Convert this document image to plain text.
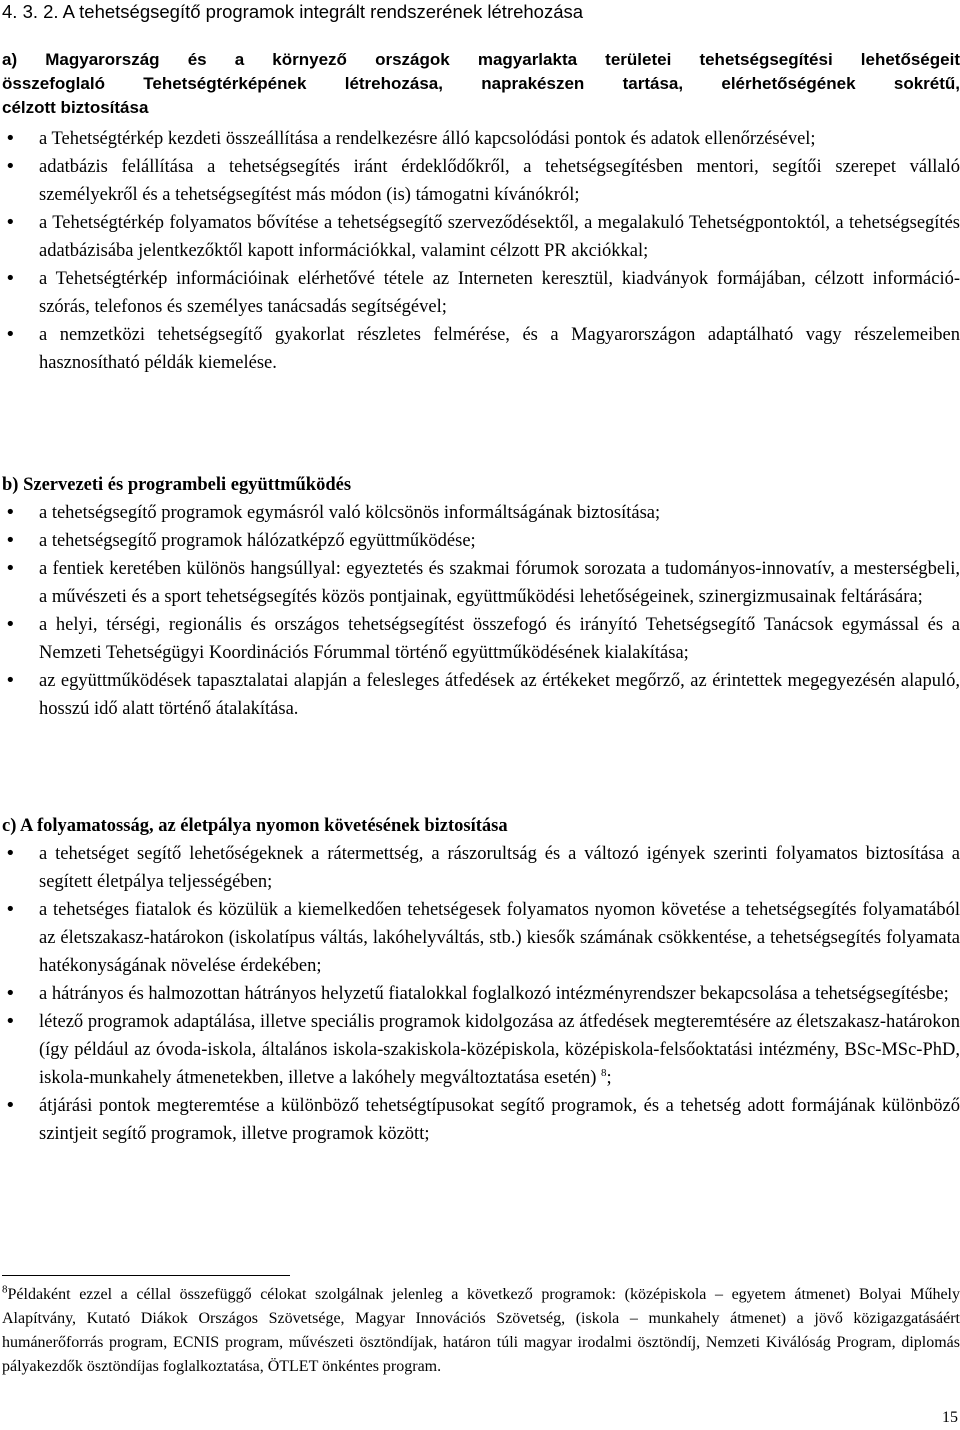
4. 3. 2. A tehetségsegítő programok integrált rendszerének létrehozása
a) Magyarország és a környező országok magyarlakta területei tehetségsegítési lehetőségeit
összefoglaló Tehetségtérképének létrehozása, naprakészen tartása, elérhetőségének sokrétű,
célzott biztosítása
• a Tehetségtérkép kezdeti összeállítása a rendelkezésre álló kapcsolódási pontok és adatok ellenőrzésével;
• adatbázis felállítása a tehetségsegítés iránt érdeklődőkről, a tehetségsegítésben mentori, segítői szerepet vállaló személyekről és a tehetségsegítést más módon (is) támogatni kívánókról;
• a Tehetségtérkép folyamatos bővítése a tehetségsegítő szerveződésektől, a megalakuló Tehetségpontoktól, a tehetségsegítés adatbázisába jelentkezőktől kapott információkkal, valamint célzott PR akciókkal;
• a Tehetségtérkép információinak elérhetővé tétele az Interneten keresztül, kiadványok formájában, célzott információ-szórás, telefonos és személyes tanácsadás segítségével;
• a nemzetközi tehetségsegítő gyakorlat részletes felmérése, és a Magyarországon adaptálható vagy részelemeiben hasznosítható példák kiemelése.
b) Szervezeti és programbeli együttműködés
• a tehetségsegítő programok egymásról való kölcsönös informáltságának biztosítása;
• a tehetségsegítő programok hálózatképző együttműködése;
• a fentiek keretében különös hangsúllyal: egyeztetés és szakmai fórumok sorozata a tudományos-innovatív, a mesterségbeli, a művészeti és a sport tehetségsegítés közös pontjainak, együttműködési lehetőségeinek, szinergizmusainak feltárására;
• a helyi, térségi, regionális és országos tehetségsegítést összefogó és irányító Tehetségsegítő Tanácsok egymással és a Nemzeti Tehetségügyi Koordinációs Fórummal történő együttműködésének kialakítása;
• az együttműködések tapasztalatai alapján a felesleges átfedések az értékeket megőrző, az érintettek megegyezésén alapuló, hosszú idő alatt történő átalakítása.
c) A folyamatosság, az életpálya nyomon követésének biztosítása
• a tehetséget segítő lehetőségeknek a rátermettség, a rászorultság és a változó igények szerinti folyamatos biztosítása a segített életpálya teljességében;
• a tehetséges fiatalok és közülük a kiemelkedően tehetségesek folyamatos nyomon követése a tehetségsegítés folyamatából az életszakasz-határokon (iskolatípus váltás, lakóhelyváltás, stb.) kiesők számának csökkentése, a tehetségsegítés folyamata hatékonyságának növelése érdekében;
• a hátrányos és halmozottan hátrányos helyzetű fiatalokkal foglalkozó intézményrendszer bekapcsolása a tehetségsegítésbe;
• létező programok adaptálása, illetve speciális programok kidolgozása az átfedések megteremtésére az életszakasz-határokon (így például az óvoda-iskola, általános iskola-szakiskola-középiskola, középiskola-felsőoktatási intézmény, BSc-MSc-PhD, iskola-munkahely átmenetekben, illetve a lakóhely megváltoztatása esetén) $^8$;
• átjárási pontok megteremtése a különböző tehetségtípusokat segítő programok, és a tehetség adott formájának különböző szintjeit segítő programok, illetve programok között;
$^8$Példaként ezzel a céllal összefüggő célokat szolgálnak jelenleg a következő programok: (középiskola – egyetem átmenet) Bolyai Műhely Alapítvány, Kutató Diákok Országos Szövetsége, Magyar Innovációs Szövetség, (iskola – munkahely átmenet) a jövő közigazgatásáért humánerőforrás program, ECNIS program, művészeti ösztöndíjak, határon túli magyar irodalmi ösztöndíj, Nemzeti Kiválóság Program, diplomás pályakezdők ösztöndíjas foglalkoztatása, ÖTLET önkéntes program.
15
